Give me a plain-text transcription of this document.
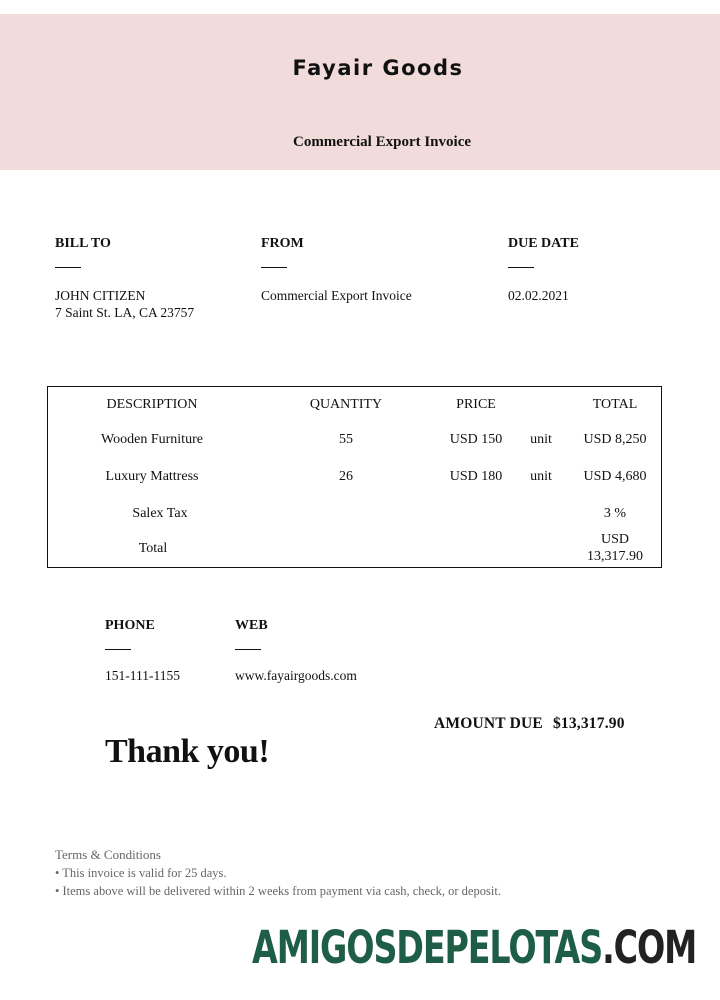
Fayair Goods
Commercial Export Invoice
BILL TO
JOHN CITIZEN
7 Saint St. LA, CA 23757
FROM
Commercial Export Invoice
DUE DATE
02.02.2021
DESCRIPTION	QUANTITY	PRICE	TOTAL
Wooden Furniture	55	USD 150 unit USD 8,250
Luxury Mattress	26	USD 180 unit USD 4,680
Salex Tax	3 %
Total
USD
13,317.90
PHONE
151-111-1155
WEB
www.fayairgoods.com
AMOUNT DUE $13,317.90
Thank you!
Terms & Conditions
• This invoice is valid for 25 days.
• Items above will be delivered within 2 weeks from payment via cash, check, or deposit.
AMIGOSDEPELOTAS.COM
